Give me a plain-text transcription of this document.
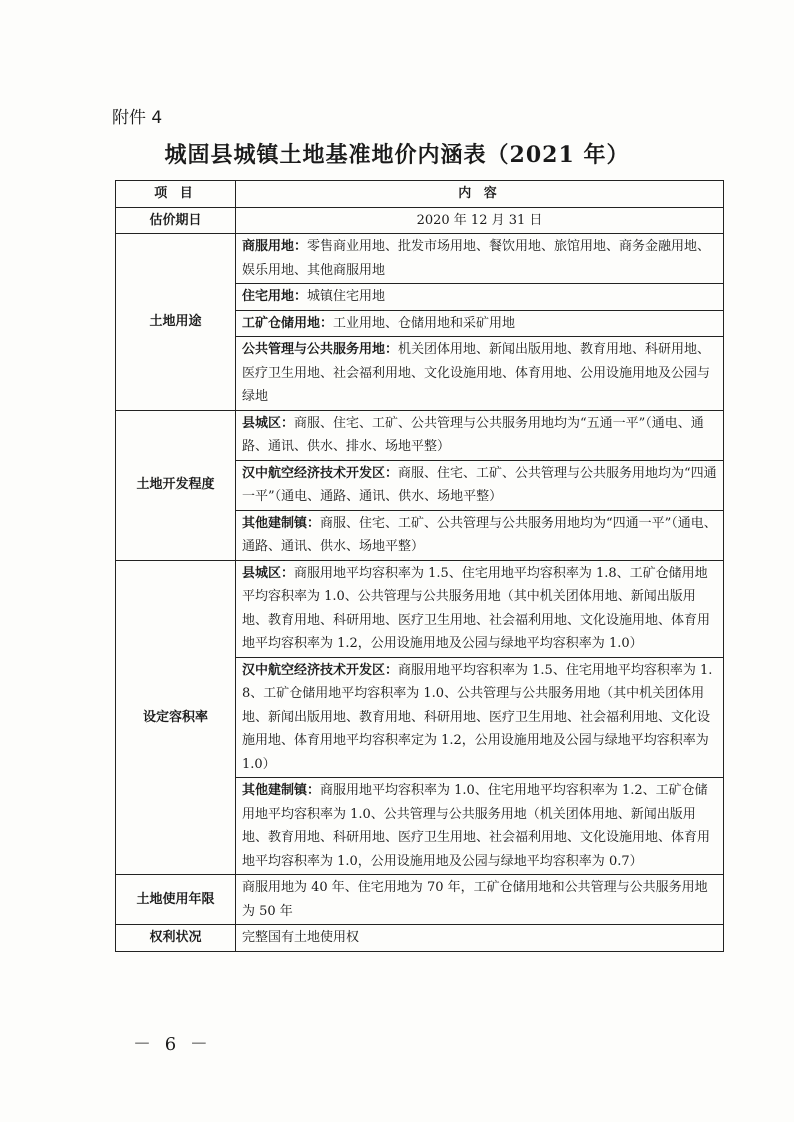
附件 4
城固县城镇土地基准地价内涵表（2021 年）
项 目	内 容
估价期日	2020 年 12 月 31 日
土地用途	商服用地：零售商业用地、批发市场用地、餐饮用地、旅馆用地、商务金融用地、娱乐用地、其他商服用地
	住宅用地：城镇住宅用地
	工矿仓储用地：工业用地、仓储用地和采矿用地
	公共管理与公共服务用地：机关团体用地、新闻出版用地、教育用地、科研用地、医疗卫生用地、社会福利用地、文化设施用地、体育用地、公用设施用地及公园与绿地
土地开发程度	县城区：商服、住宅、工矿、公共管理与公共服务用地均为“五通一平”（通电、通路、通讯、供水、排水、场地平整）
	汉中航空经济技术开发区：商服、住宅、工矿、公共管理与公共服务用地均为“四通一平”（通电、通路、通讯、供水、场地平整）
	其他建制镇：商服、住宅、工矿、公共管理与公共服务用地均为“四通一平”（通电、通路、通讯、供水、场地平整）
设定容积率	县城区：商服用地平均容积率为 1.5、住宅用地平均容积率为 1.8、工矿仓储用地平均容积率为 1.0、公共管理与公共服务用地（其中机关团体用地、新闻出版用地、教育用地、科研用地、医疗卫生用地、社会福利用地、文化设施用地、体育用地平均容积率为 1.2，公用设施用地及公园与绿地平均容积率为 1.0）
	汉中航空经济技术开发区：商服用地平均容积率为 1.5、住宅用地平均容积率为 1.8、工矿仓储用地平均容积率为 1.0、公共管理与公共服务用地（其中机关团体用地、新闻出版用地、教育用地、科研用地、医疗卫生用地、社会福利用地、文化设施用地、体育用地平均容积率定为 1.2，公用设施用地及公园与绿地平均容积率为 1.0）
	其他建制镇：商服用地平均容积率为 1.0、住宅用地平均容积率为 1.2、工矿仓储用地平均容积率为 1.0、公共管理与公共服务用地（机关团体用地、新闻出版用地、教育用地、科研用地、医疗卫生用地、社会福利用地、文化设施用地、体育用地平均容积率为 1.0，公用设施用地及公园与绿地平均容积率为 0.7）
土地使用年限	商服用地为 40 年、住宅用地为 70 年，工矿仓储用地和公共管理与公共服务用地为 50 年
权利状况	完整国有土地使用权
－ 6 －
